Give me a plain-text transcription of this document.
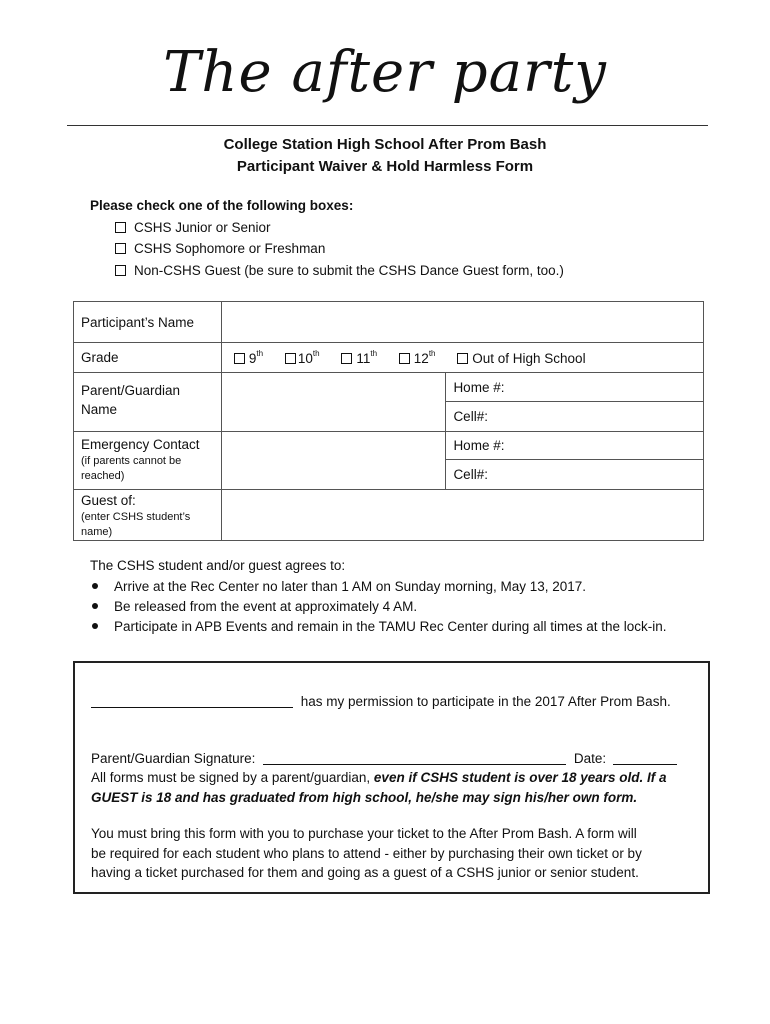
The after party
College Station High School After Prom Bash
Participant Waiver & Hold Harmless Form
Please check one of the following boxes:
CSHS Junior or Senior
CSHS Sophomore or Freshman
Non-CSHS Guest (be sure to submit the CSHS Dance Guest form, too.)
Participant’s Name		
Grade	9th 10th 11th 12th Out of High School	

Parent/Guardian
Name		Home #:
		Cell#:

Emergency Contact
(if parents cannot be
reached)		Home #:
		Cell#:

Guest of:
(enter CSHS student’s
name)		

The CSHS student and/or guest agrees to:
Arrive at the Rec Center no later than 1 AM on Sunday morning, May 13, 2017.
Be released from the event at approximately 4 AM.
Participate in APB Events and remain in the TAMU Rec Center during all times at the lock-in.
has my permission to participate in the 2017 After Prom Bash.
Parent/Guardian Signature:	Date:
All forms must be signed by a parent/guardian, even if CSHS student is over 18 years old. If a
GUEST is 18 and has graduated from high school, he/she may sign his/her own form.
You must bring this form with you to purchase your ticket to the After Prom Bash. A form will
be required for each student who plans to attend - either by purchasing their own ticket or by
having a ticket purchased for them and going as a guest of a CSHS junior or senior student.
